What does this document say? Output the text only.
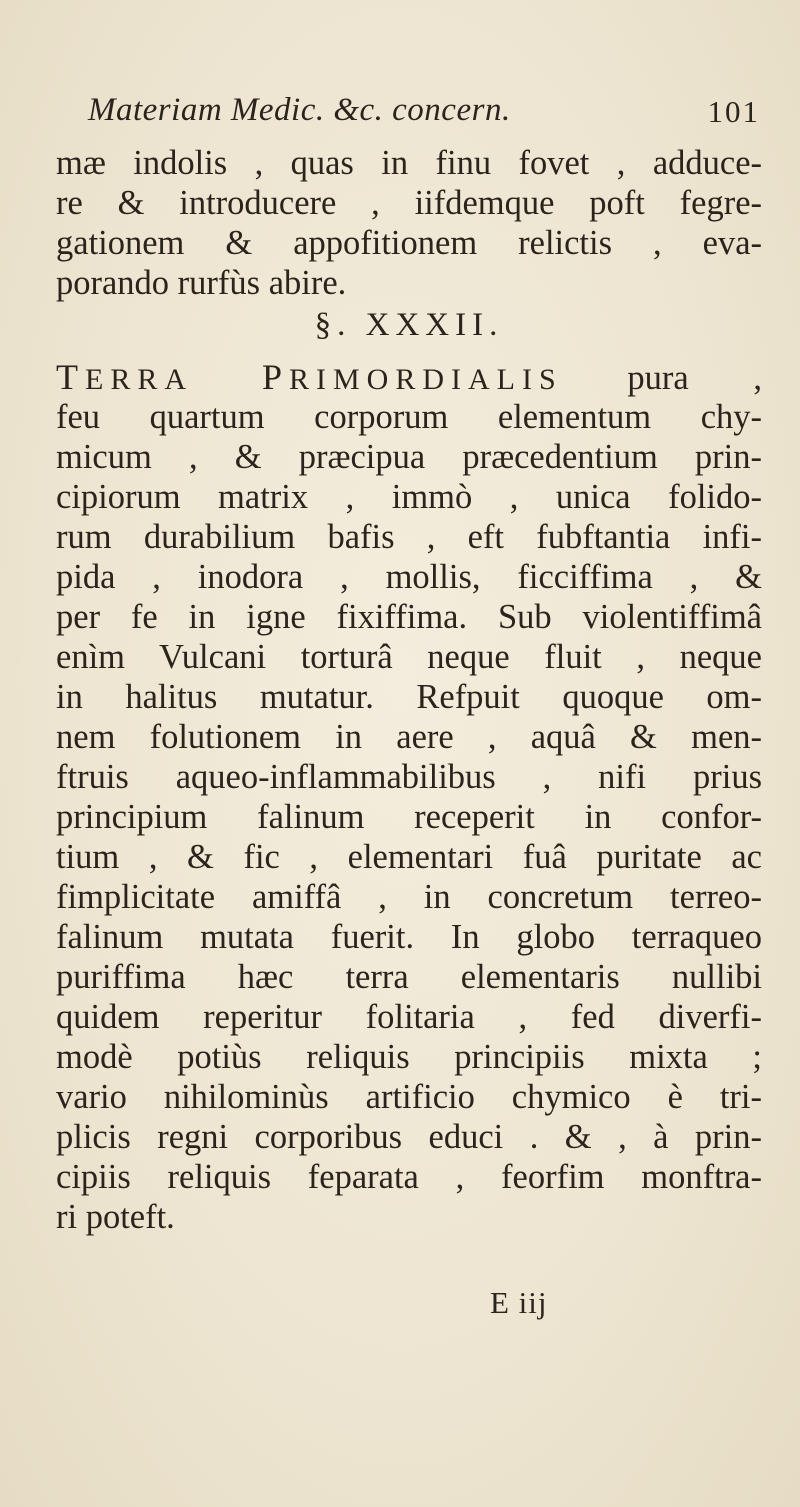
Materiam Medic. &c. concern.	101
mæ indolis , quas in finu fovet , adduce-
re & introducere , iifdemque poft fegre-
gationem & appofitionem relictis , eva-
porando rurfùs abire.
§. XXXII.
TERRA PRIMORDIALIS pura ,
feu quartum corporum elementum chy-
micum , & præcipua præcedentium prin-
cipiorum matrix , immò , unica folido-
rum durabilium bafis , eft fubftantia infi-
pida , inodora , mollis, ficciffima , &
per fe in igne fixiffima. Sub violentiffimâ
enìm Vulcani torturâ neque fluit , neque
in halitus mutatur. Refpuit quoque om-
nem folutionem in aere , aquâ & men-
ftruis aqueo-inflammabilibus , nifi prius
principium falinum receperit in confor-
tium , & fic , elementari fuâ puritate ac
fimplicitate amiffâ , in concretum terreo-
falinum mutata fuerit. In globo terraqueo
puriffima hæc terra elementaris nullibi
quidem reperitur folitaria , fed diverfi-
modè potiùs reliquis principiis mixta ;
vario nihilominùs artificio chymico è tri-
plicis regni corporibus educi . & , à prin-
cipiis reliquis feparata , feorfim monftra-
ri poteft.
E iij
